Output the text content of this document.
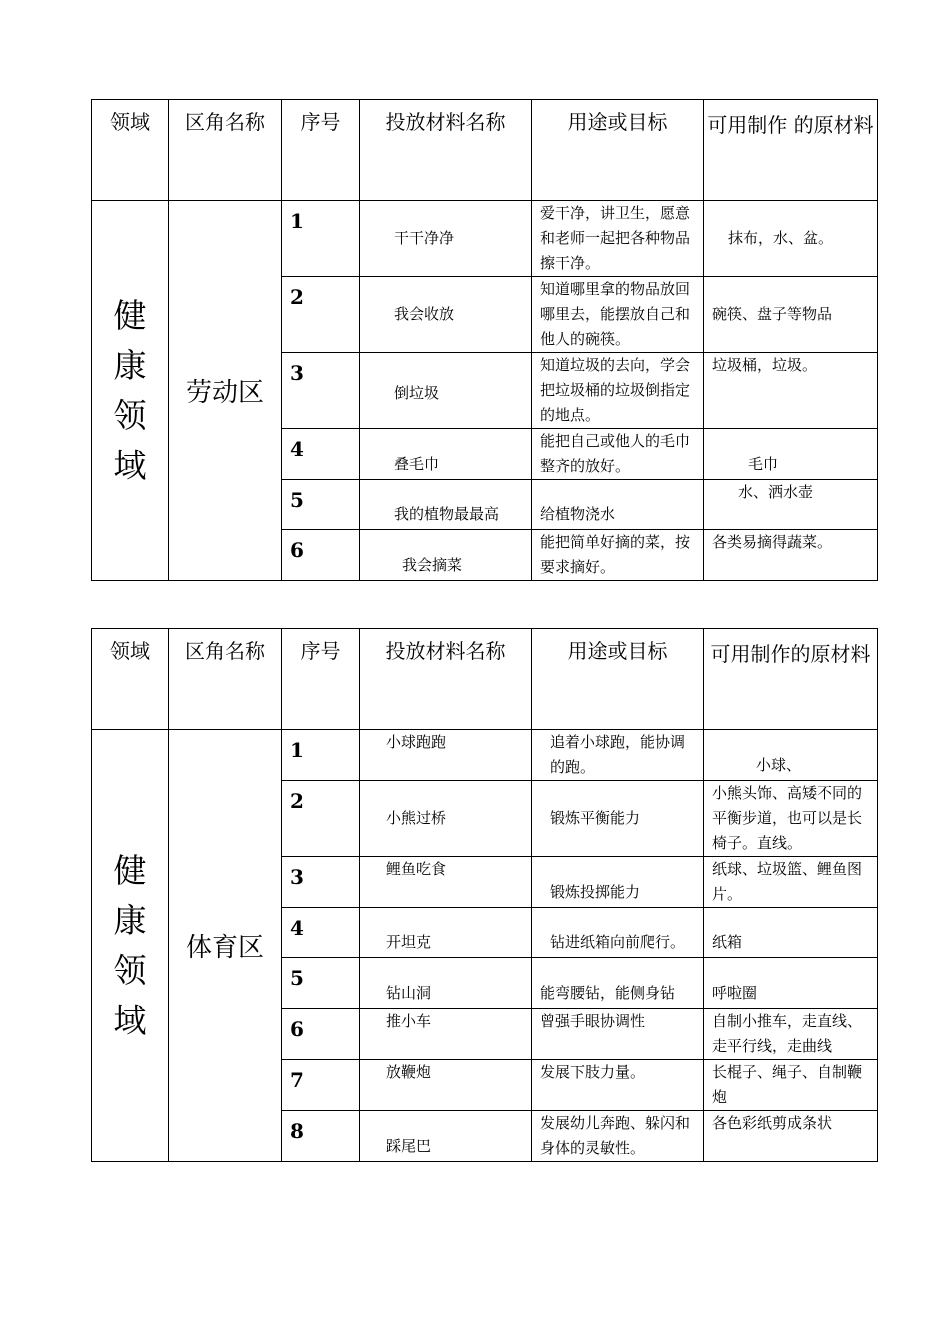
领域	区角名称	序号	投放材料名称	用途或目标	可用制作 的原材料

健
康
领
域	劳动区	1	干干净净	爱干净，讲卫生，愿意和老师一起把各种物品擦干净。	抹布，水、盆。
		2	我会收放	知道哪里拿的物品放回哪里去，能摆放自己和他人的碗筷。	碗筷、盘子等物品
		3	倒垃圾	知道垃圾的去向，学会把垃圾桶的垃圾倒指定的地点。	垃圾桶，垃圾。
		4	叠毛巾	能把自己或他人的毛巾整齐的放好。	毛巾
		5	我的植物最最高	给植物浇水	水、洒水壶
		6	我会摘菜	能把简单好摘的菜，按要求摘好。	各类易摘得蔬菜。
领域	区角名称	序号	投放材料名称	用途或目标	可用制作的原材料

健
康
领
域	体育区	1	小球跑跑	追着小球跑，能协调的跑。	小球、
		2	小熊过桥	锻炼平衡能力	小熊头饰、高矮不同的平衡步道，也可以是长椅子。直线。
		3	鲤鱼吃食	锻炼投掷能力	纸球、垃圾篮、鲤鱼图片。
		4	开坦克	钻进纸箱向前爬行。	纸箱
		5	钻山洞	能弯腰钻，能侧身钻	呼啦圈
		6	推小车	曾强手眼协调性	自制小推车，走直线、走平行线，走曲线
		7	放鞭炮	发展下肢力量。	长棍子、绳子、自制鞭炮
		8	踩尾巴	发展幼儿奔跑、躲闪和身体的灵敏性。	各色彩纸剪成条状
